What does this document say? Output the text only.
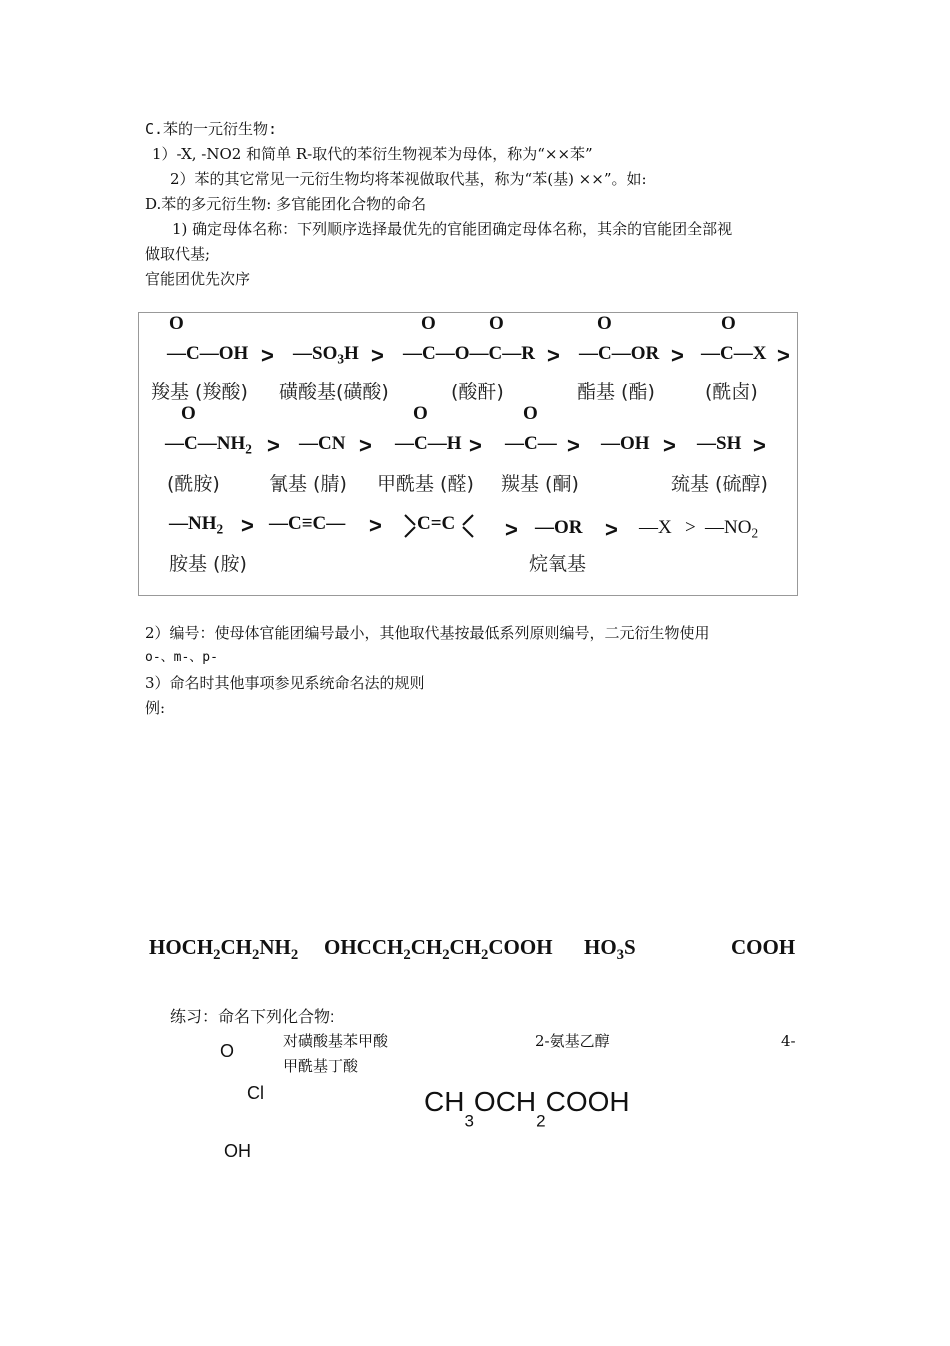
C.苯的一元衍生物:
1）-X, -NO2 和简单 R-取代的苯衍生物视苯为母体，称为“××苯”
2）苯的其它常见一元衍生物均将苯视做取代基，称为“苯(基) ××”。如:
D.苯的多元衍生物: 多官能团化合物的命名
1) 确定母体名称：下列顺序选择最优先的官能团确定母体名称，其余的官能团全部视
做取代基;
官能团优先次序
O
—C—OH > $—SO_3H$ >
O	O
—C—O—C—R >
O
—C—OR >
O
—C—X >
羧基 (羧酸) 磺酸基(磺酸)	(酸酐)	酯基 (酯)	(酰卤)
O
$—C—NH_2$ > —CN >
O
—C—H >
O
—C— > —OH > —SH >
(酰胺)	氰基 (腈) 甲酰基 (醛) 羰基 (酮)	巯基 (硫醇)
$—NH_2$ > —C≡C— > C=C > —OR > —X > $—NO_2$
胺基 (胺)	烷氧基
2）编号：使母体官能团编号最小，其他取代基按最低系列原则编号，二元衍生物使用
o-、m-、p-
3）命名时其他事项参见系统命名法的规则
例:
$HOCH_2CH_2NH_2$ $OHCCH_2CH_2CH_2COOH$ $HO_3S$	COOH
练习：命名下列化合物:
对磺酸基苯甲酸	2-氨基乙醇	4-
甲酰基丁酸
O
Cl
OH
$CH_3OCH_2COOH$
